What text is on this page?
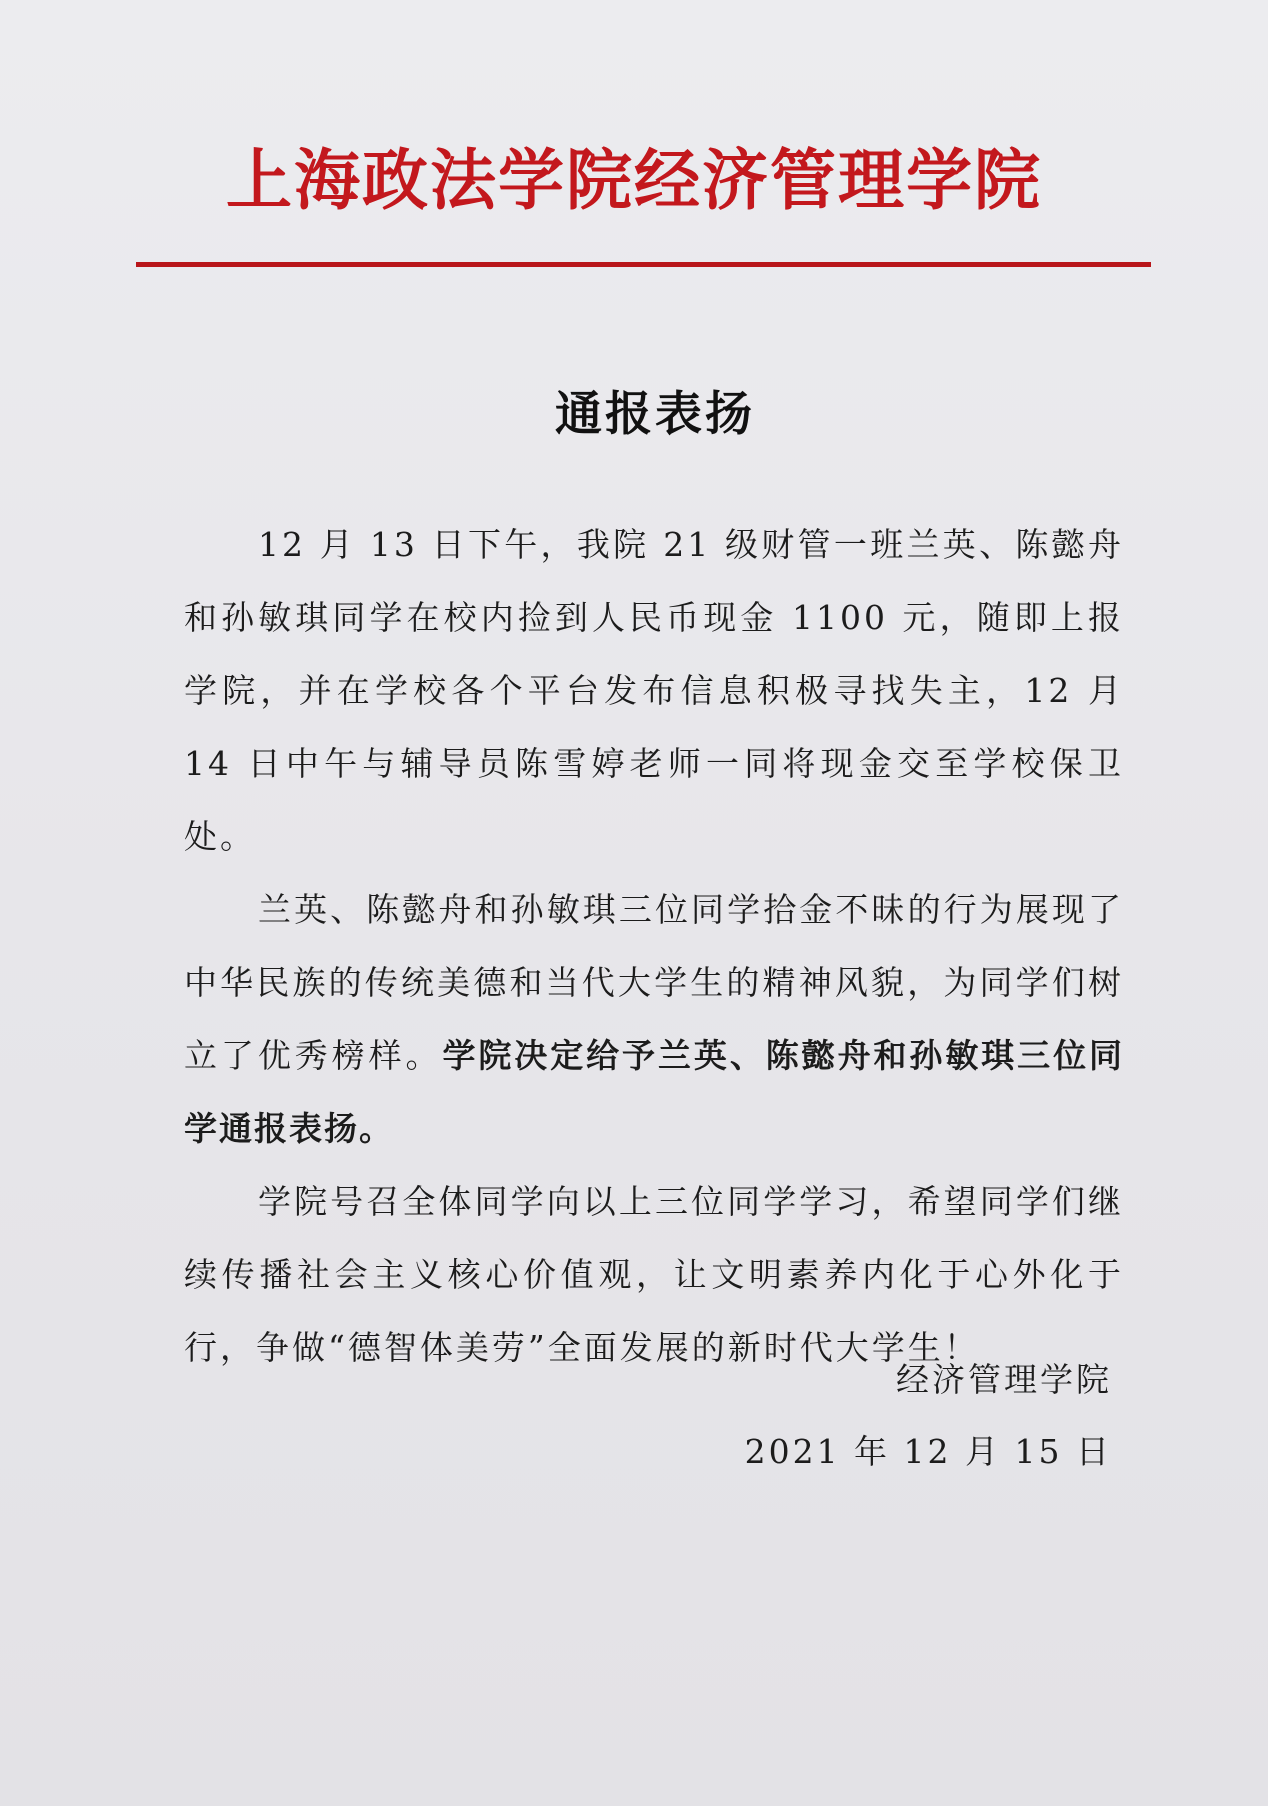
上海政法学院经济管理学院
通报表扬

12 月 13 日下午，我院 21 级财管一班兰英、陈懿舟和孙敏琪同学在校内捡到人民币现金 1100 元，随即上报学院，并在学校各个平台发布信息积极寻找失主，12 月 14 日中午与辅导员陈雪婷老师一同将现金交至学校保卫处。

兰英、陈懿舟和孙敏琪三位同学拾金不昧的行为展现了中华民族的传统美德和当代大学生的精神风貌，为同学们树立了优秀榜样。学院决定给予兰英、陈懿舟和孙敏琪三位同学通报表扬。

学院号召全体同学向以上三位同学学习，希望同学们继续传播社会主义核心价值观，让文明素养内化于心外化于行，争做“德智体美劳”全面发展的新时代大学生！

经济管理学院
2021 年 12 月 15 日
